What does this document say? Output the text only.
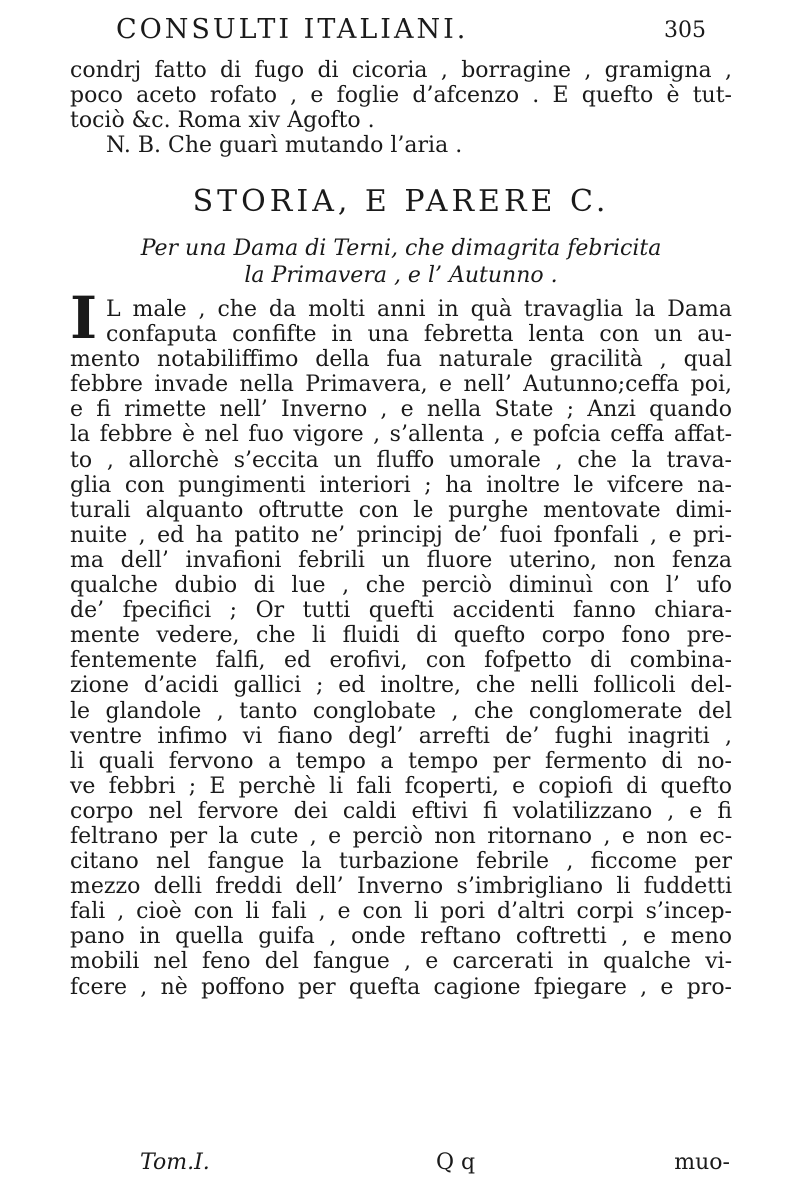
CONSULTI ITALIANI.	305
condrj fatto di fugo di cicoria , borragine , gramigna ,
poco aceto rofato , e foglie d’afcenzo . E quefto è tut-
tociò &c. Roma xiv Agofto .
N. B. Che guarì mutando l’aria .
STORIA, E PARERE C.
Per una Dama di Terni, che dimagrita febricita
la Primavera , e l’ Autunno .
I L male , che da molti anni in quà travaglia la Dama
confaputa confifte in una febretta lenta con un au-
mento notabiliffimo della fua naturale gracilità , qual
febbre invade nella Primavera, e nell’ Autunno;ceffa poi,
e fi rimette nell’ Inverno , e nella State ; Anzi quando
la febbre è nel fuo vigore , s’allenta , e pofcia ceffa affat-
to , allorchè s’eccita un fluffo umorale , che la trava-
glia con pungimenti interiori ; ha inoltre le vifcere na-
turali alquanto oftrutte con le purghe mentovate dimi-
nuite , ed ha patito ne’ principj de’ fuoi fponfali , e pri-
ma dell’ invafioni febrili un fluore uterino, non fenza
qualche dubio di lue , che perciò diminuì con l’ ufo
de’ fpecifici ; Or tutti quefti accidenti fanno chiara-
mente vedere, che li fluidi di quefto corpo fono pre-
fentemente falfi, ed erofivi, con fofpetto di combina-
zione d’acidi gallici ; ed inoltre, che nelli follicoli del-
le glandole , tanto conglobate , che conglomerate del
ventre infimo vi fiano degl’ arrefti de’ fughi inagriti ,
li quali fervono a tempo a tempo per fermento di no-
ve febbri ; E perchè li fali fcoperti, e copiofi di quefto
corpo nel fervore dei caldi eftivi fi volatilizzano , e fi
feltrano per la cute , e perciò non ritornano , e non ec-
citano nel fangue la turbazione febrile , ficcome per
mezzo delli freddi dell’ Inverno s’imbrigliano li fuddetti
fali , cioè con li fali , e con li pori d’altri corpi s’incep-
pano in quella guifa , onde reftano coftretti , e meno
mobili nel feno del fangue , e carcerati in qualche vi-
fcere , nè poffono per quefta cagione fpiegare , e pro-
Tom.I.	Q q	muo-
